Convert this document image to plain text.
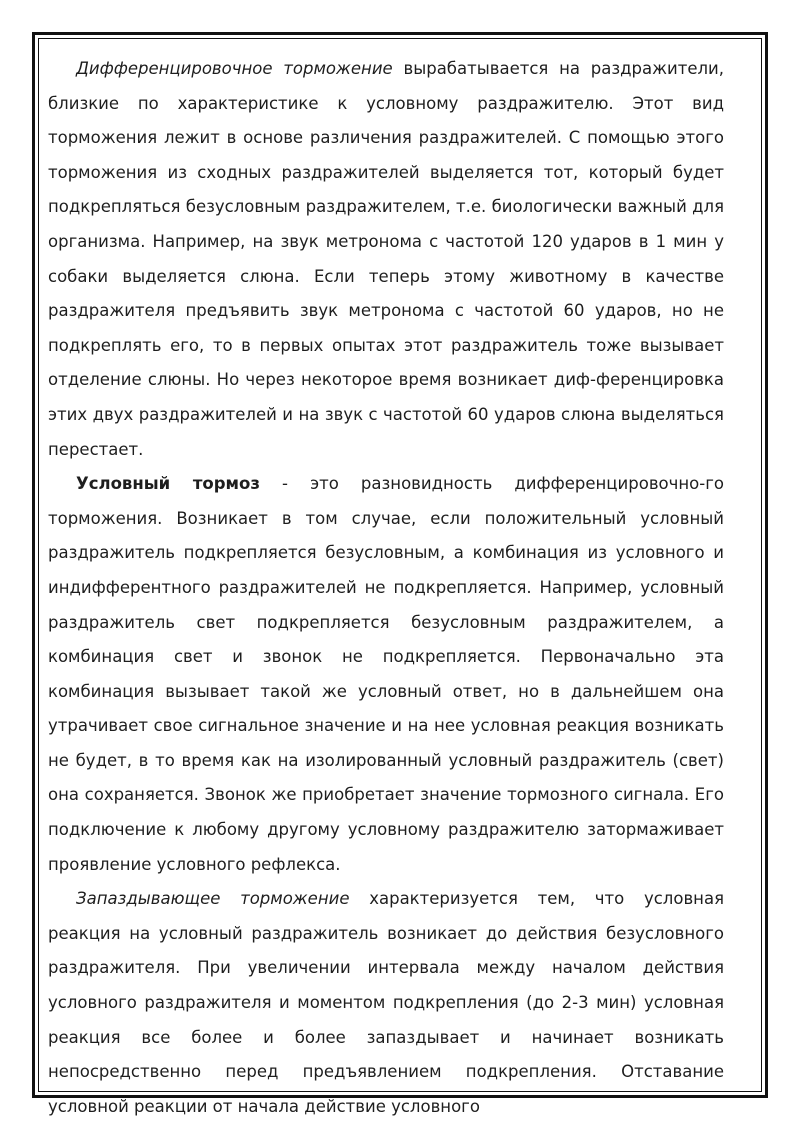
Дифференцировочное торможение вырабатывается на раздражители, близкие по характеристике к условному раздражителю. Этот вид торможения лежит в основе различения раздражителей. С помощью этого торможения из сходных раздражителей выделяется тот, который будет подкрепляться безусловным раздражителем, т.е. биологически важный для организма. Например, на звук метронома с частотой 120 ударов в 1 мин у собаки выделяется слюна. Если теперь этому животному в качестве раздражителя предъявить звук метронома с частотой 60 ударов, но не подкреплять его, то в первых опытах этот раздражитель тоже вызывает отделение слюны. Но через некоторое время возникает диф-ференцировка этих двух раздражителей и на звук с частотой 60 ударов слюна выделяться перестает.

Условный тормоз - это разновидность дифференцировочно-го торможения. Возникает в том случае, если положительный условный раздражитель подкрепляется безусловным, а комбинация из условного и индифферентного раздражителей не подкрепляется. Например, условный раздражитель свет подкрепляется безусловным раздражителем, а комбинация свет и звонок не подкрепляется. Первоначально эта комбинация вызывает такой же условный ответ, но в дальнейшем она утрачивает свое сигнальное значение и на нее условная реакция возникать не будет, в то время как на изолированный условный раздражитель (свет) она сохраняется. Звонок же приобретает значение тормозного сигнала. Его подключение к любому другому условному раздражителю затормаживает проявление условного рефлекса.

Запаздывающее торможение характеризуется тем, что условная реакция на условный раздражитель возникает до действия безусловного раздражителя. При увеличении интервала между началом действия условного раздражителя и моментом подкрепления (до 2-3 мин) условная реакция все более и более запаздывает и начинает возникать непосредственно перед предъявлением подкрепления. Отставание условной реакции от начала действие условного
